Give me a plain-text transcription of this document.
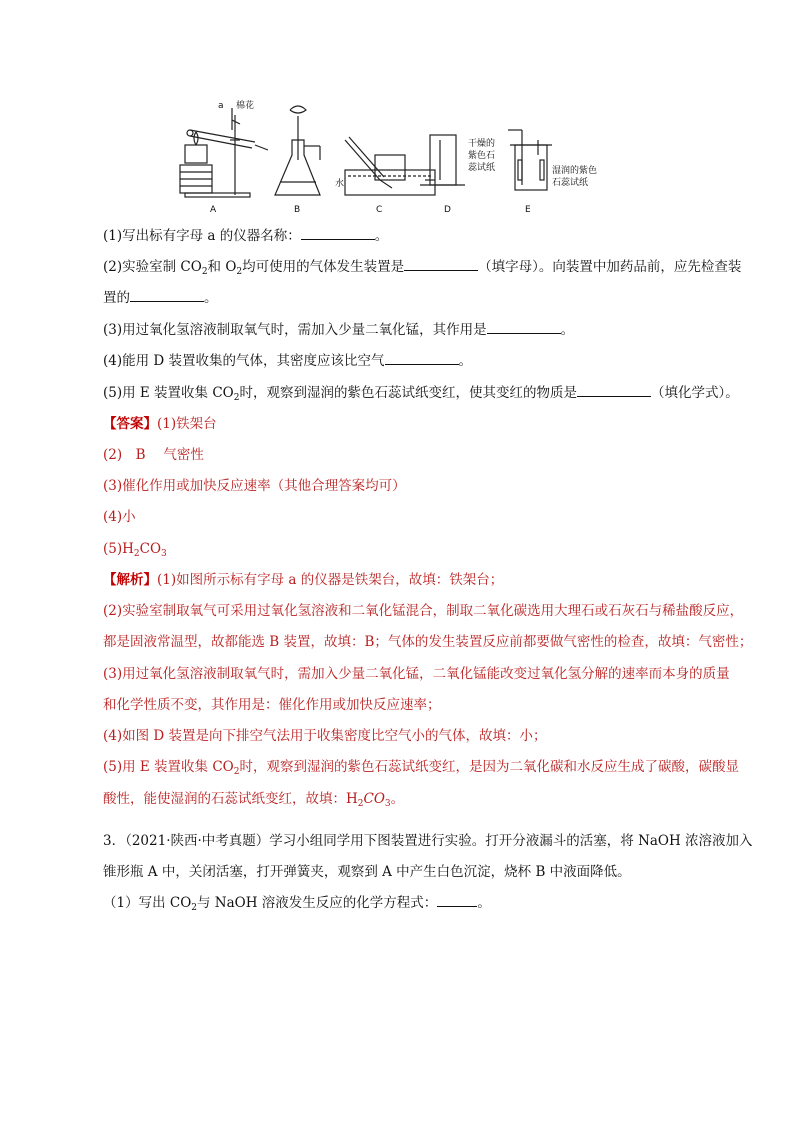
a 棉花
A	B	C	D	E
水
干燥的
紫色石
蕊试纸	湿润的紫色
石蕊试纸
(1)写出标有字母 a 的仪器名称：	。
(2)实验室制 $CO_2$和 $O_2$均可使用的气体发生装置是	（填字母）。向装置中加药品前，应先检查装
置的	。
(3)用过氧化氢溶液制取氧气时，需加入少量二氧化锰，其作用是	。
(4)能用 D 装置收集的气体，其密度应该比空气	。
(5)用 E 装置收集 $CO_2$时，观察到湿润的紫色石蕊试纸变红，使其变红的物质是	（填化学式）。
【答案】(1)铁架台
(2)　B　 气密性
(3)催化作用或加快反应速率（其他合理答案均可）
(4)小
$(5)H_2CO_3$
【解析】(1)如图所示标有字母 a 的仪器是铁架台，故填：铁架台；
(2)实验室制取氧气可采用过氧化氢溶液和二氧化锰混合，制取二氧化碳选用大理石或石灰石与稀盐酸反应，
都是固液常温型，故都能选 B 装置，故填：B；气体的发生装置反应前都要做气密性的检查，故填：气密性；
(3)用过氧化氢溶液制取氧气时，需加入少量二氧化锰，二氧化锰能改变过氧化氢分解的速率而本身的质量
和化学性质不变，其作用是：催化作用或加快反应速率；
(4)如图 D 装置是向下排空气法用于收集密度比空气小的气体，故填：小；
(5)用 E 装置收集 $CO_2$时，观察到湿润的紫色石蕊试纸变红，是因为二氧化碳和水反应生成了碳酸，碳酸显
酸性，能使湿润的石蕊试纸变红，故填：$H_2CO_3$。
3．（2021·陕西·中考真题）学习小组同学用下图装置进行实验。打开分液漏斗的活塞，将 NaOH 浓溶液加入
锥形瓶 A 中，关闭活塞，打开弹簧夹，观察到 A 中产生白色沉淀，烧杯 B 中液面降低。
（1）写出 $CO_2$与 NaOH 溶液发生反应的化学方程式：	。
